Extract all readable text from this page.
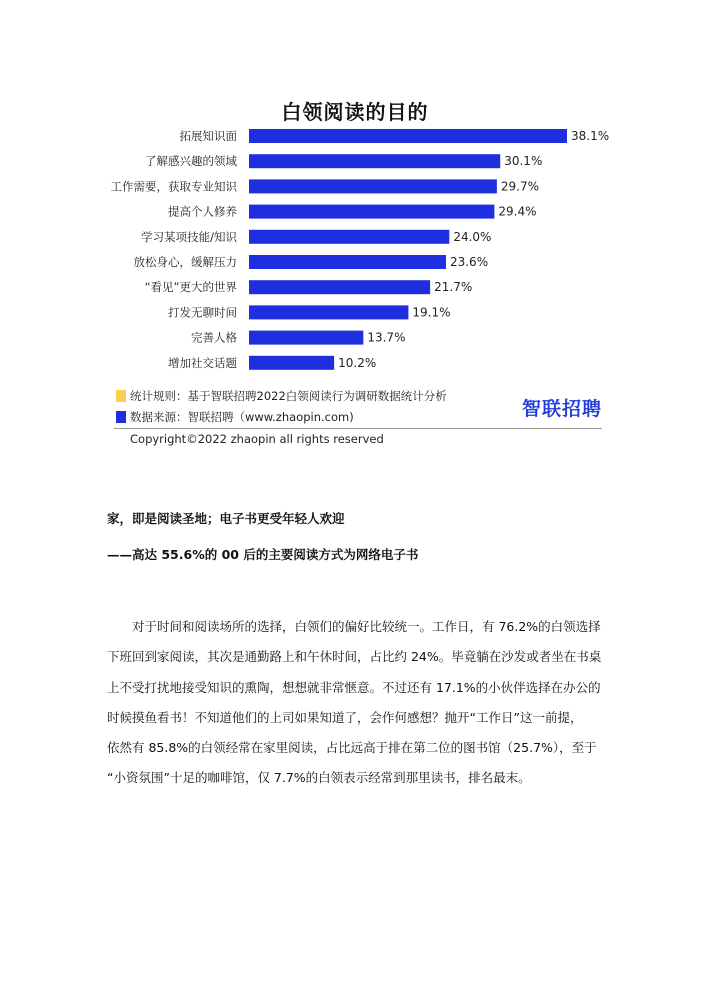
白领阅读的目的
拓展知识面	38.1%
了解感兴趣的领域	30.1%
工作需要，获取专业知识	29.7%
提高个人修养	29.4%
学习某项技能/知识	24.0%
放松身心，缓解压力	23.6%
“看见”更大的世界	21.7%
打发无聊时间	19.1%
完善人格	13.7%
增加社交话题	10.2%
统计规则：基于智联招聘2022白领阅读行为调研数据统计分析
数据来源：智联招聘（www.zhaopin.com)	智联招聘
Copyright©2022 zhaopin all rights reserved
家，即是阅读圣地；电子书更受年轻人欢迎
——高达 55.6%的 00 后的主要阅读方式为网络电子书

对于时间和阅读场所的选择，白领们的偏好比较统一。工作日，有 76.2%的白领选择

下班回到家阅读，其次是通勤路上和午休时间，占比约 24%。毕竟躺在沙发或者坐在书桌

上不受打扰地接受知识的熏陶，想想就非常惬意。不过还有 17.1%的小伙伴选择在办公的

时候摸鱼看书！不知道他们的上司如果知道了，会作何感想？抛开“工作日”这一前提，

依然有 85.8%的白领经常在家里阅读，占比远高于排在第二位的图书馆（25.7%），至于

“小资氛围”十足的咖啡馆，仅 7.7%的白领表示经常到那里读书，排名最末。
